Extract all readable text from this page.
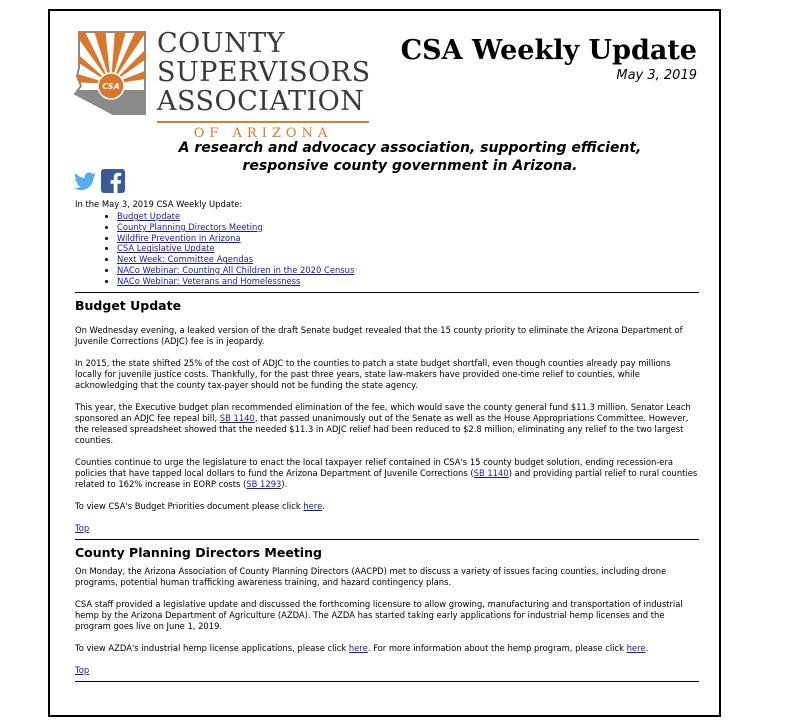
CSA
COUNTY
SUPERVISORS
ASSOCIATION
OF ARIZONA
CSA Weekly Update
May 3, 2019
A research and advocacy association, supporting efficient, responsive county government in Arizona.

In the May 3, 2019 CSA Weekly Update:

• Budget Update
• County Planning Directors Meeting
• Wildfire Prevention in Arizona
• CSA Legislative Update
• Next Week: Committee Agendas
• NACo Webinar: Counting All Children in the 2020 Census
• NACo Webinar: Veterans and Homelessness
Budget Update

On Wednesday evening, a leaked version of the draft Senate budget revealed that the 15 county priority to eliminate the Arizona Department of Juvenile Corrections (ADJC) fee is in jeopardy.

In 2015, the state shifted 25% of the cost of ADJC to the counties to patch a state budget shortfall, even though counties already pay millions locally for juvenile justice costs. Thankfully, for the past three years, state law-makers have provided one-time relief to counties, while acknowledging that the county tax-payer should not be funding the state agency.

This year, the Executive budget plan recommended elimination of the fee, which would save the county general fund $11.3 million. Senator Leach sponsored an ADJC fee repeal bill, SB 1140, that passed unanimously out of the Senate as well as the House Appropriations Committee. However, the released spreadsheet showed that the needed $11.3 in ADJC relief had been reduced to $2.8 million, eliminating any relief to the two largest counties.

Counties continue to urge the legislature to enact the local taxpayer relief contained in CSA's 15 county budget solution, ending recession-era policies that have tapped local dollars to fund the Arizona Department of Juvenile Corrections (SB 1140) and providing partial relief to rural counties related to 162% increase in EORP costs (SB 1293).

To view CSA's Budget Priorities document please click here.

Top

County Planning Directors Meeting

On Monday, the Arizona Association of County Planning Directors (AACPD) met to discuss a variety of issues facing counties, including drone programs, potential human trafficking awareness training, and hazard contingency plans.

CSA staff provided a legislative update and discussed the forthcoming licensure to allow growing, manufacturing and transportation of industrial hemp by the Arizona Department of Agriculture (AZDA). The AZDA has started taking early applications for industrial hemp licenses and the program goes live on June 1, 2019.

To view AZDA's industrial hemp license applications, please click here. For more information about the hemp program, please click here.

Top
